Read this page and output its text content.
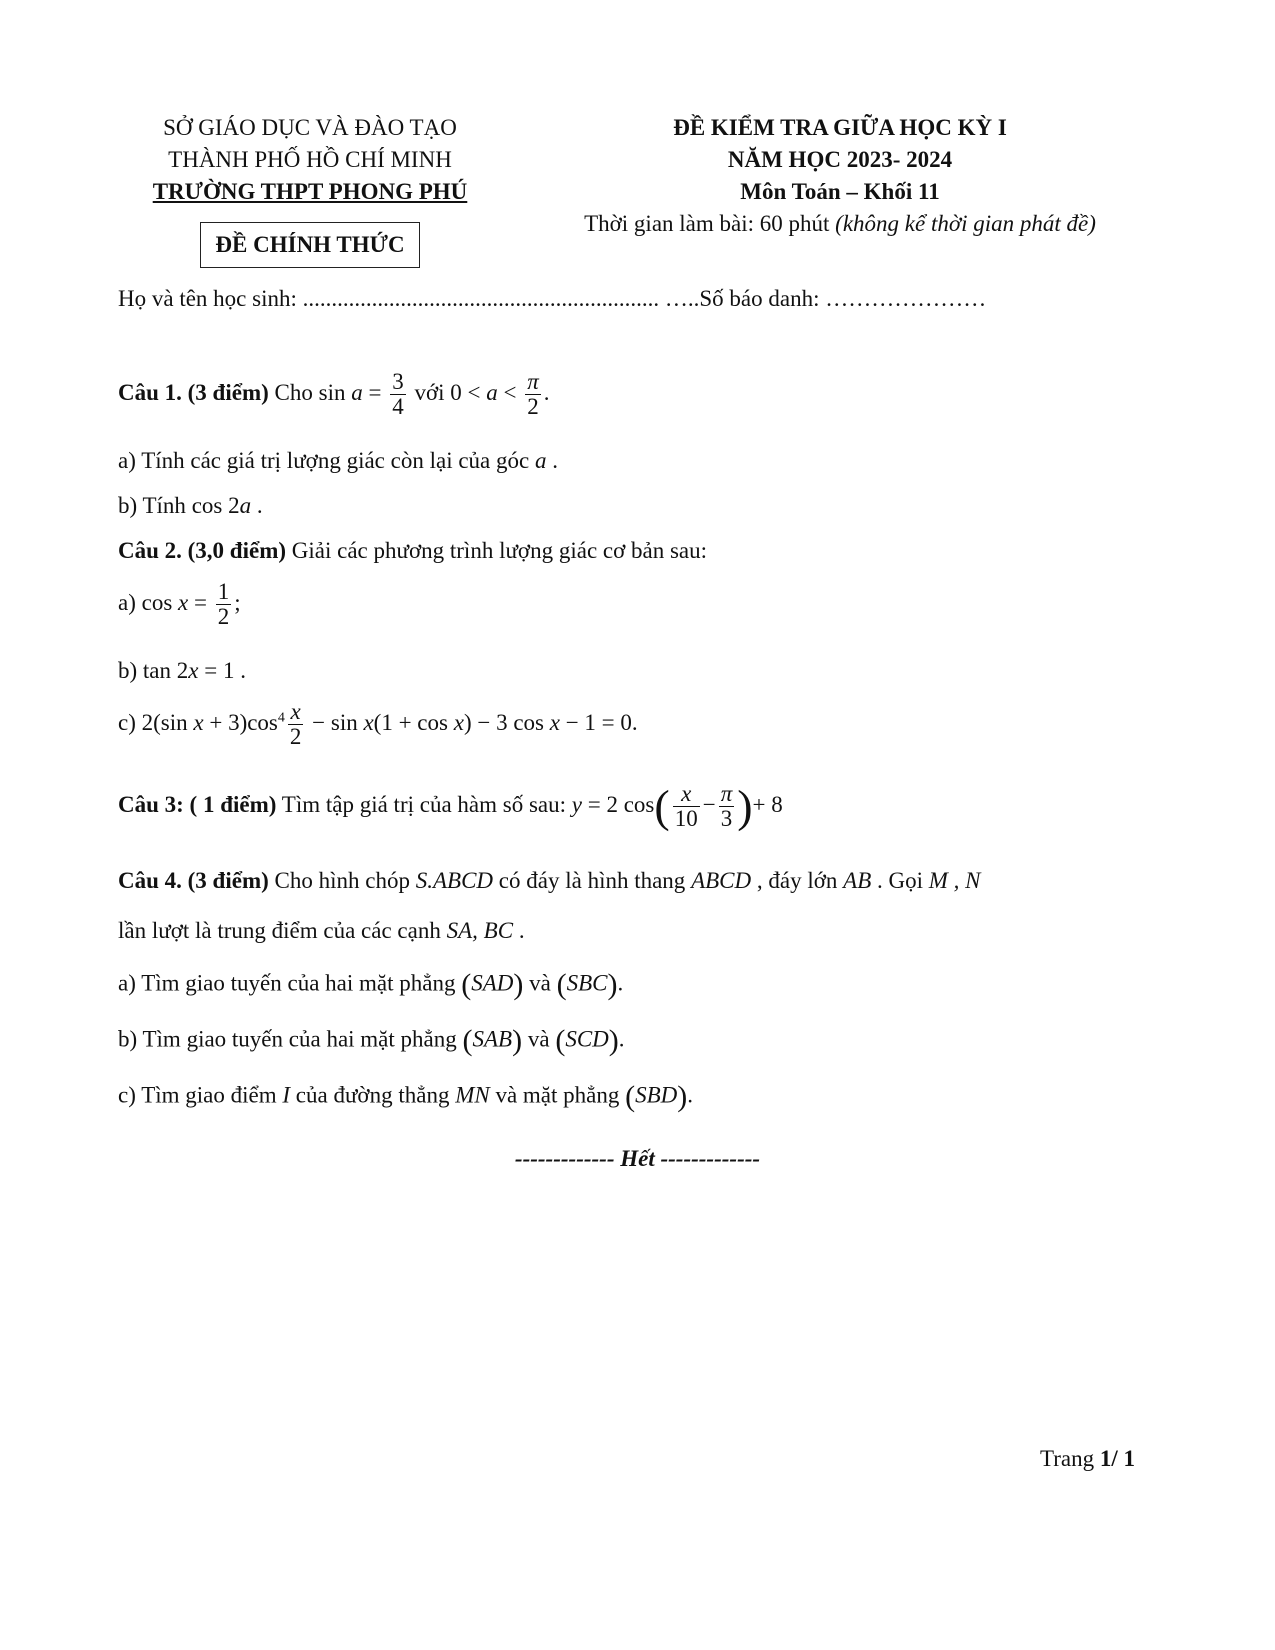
SỞ GIÁO DỤC VÀ ĐÀO TẠO
THÀNH PHỐ HỒ CHÍ MINH
TRƯỜNG THPT PHONG PHÚ
ĐỀ CHÍNH THỨC
ĐỀ KIỂM TRA GIỮA HỌC KỲ I
NĂM HỌC 2023- 2024
Môn Toán – Khối 11
Thời gian làm bài: 60 phút (không kể thời gian phát đề)
Họ và tên học sinh: .............................................................. …..Số báo danh: …………………
Câu 1. (3 điểm) Cho $\sin a = \frac{3}{4}$ với $0 < a < \frac{\pi}{2}$ .
a) Tính các giá trị lượng giác còn lại của góc a .
b) Tính cos 2a .
Câu 2. (3,0 điểm) Giải các phương trình lượng giác cơ bản sau:
a) $\cos x = \frac{1}{2}$ ;
b) tan 2x = 1 .
c) 2(sin $x + 3)\cos^4 \frac{x}{2} - \sin x(1 + \cos x) - 3$ cos x − 1 = 0.
Câu 3: ( 1 điểm) Tìm tập giá trị của hàm số sau: y = 2 $\cos( \frac{x}{10} - \frac{\pi}{3}$ )+ 8
Câu 4. (3 điểm) Cho hình chóp S.ABCD có đáy là hình thang ABCD , đáy lớn AB . Gọi M , N
lần lượt là trung điểm của các cạnh SA, BC .
a) Tìm giao tuyến của hai mặt phẳng (SAD) và (SBC).
b) Tìm giao tuyến của hai mặt phẳng (SAB) và (SCD).
c) Tìm giao điểm I của đường thẳng MN và mặt phẳng (SBD).
------------- Hết -------------
Trang 1/ 1
